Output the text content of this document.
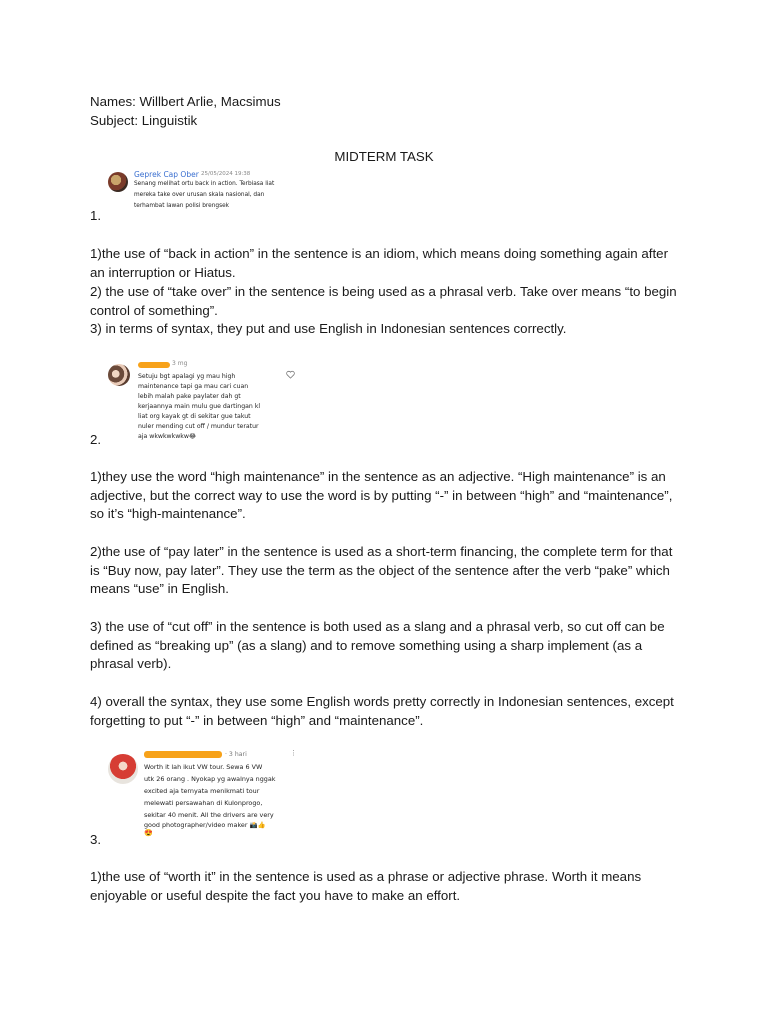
Names: Willbert Arlie, Macsimus
Subject: Linguistik
MIDTERM TASK
Geprek Cap Ober 25/05/2024 19:38
Senang melihat ortu back in action. Terbiasa liat
mereka take over urusan skala nasional, dan
terhambat lawan polisi brengsek
1.
1)the use of “back in action” in the sentence is an idiom, which means doing something again after an interruption or Hiatus.
2) the use of “take over” in the sentence is being used as a phrasal verb. Take over means “to begin control of something”.
3) in terms of syntax, they put and use English in Indonesian sentences correctly.
3 mg
Setuju bgt apalagi yg mau high
maintenance tapi ga mau cari cuan
lebih malah pake paylater dah gt
kerjaannya main mulu gue dartingan kl
liat org kayak gt di sekitar gue takut
nuler mending cut off / mundur teratur
aja wkwkwkwkw😂
2.
1)they use the word “high maintenance” in the sentence as an adjective. “High maintenance” is an adjective, but the correct way to use the word is by putting “-” in between “high” and “maintenance”, so it’s “high-maintenance”.
2)the use of “pay later” in the sentence is used as a short-term financing, the complete term for that is “Buy now, pay later”. They use the term as the object of the sentence after the verb “pake” which means “use” in English.
3) the use of “cut off” in the sentence is both used as a slang and a phrasal verb, so cut off can be defined as “breaking up” (as a slang) and to remove something using a sharp implement (as a phrasal verb).
4) overall the syntax, they use some English words pretty correctly in Indonesian sentences, except forgetting to put “-” in between “high” and “maintenance”.
· 3 hari	⋮
Worth it lah ikut VW tour. Sewa 6 VW
utk 26 orang . Nyokap yg awalnya nggak
excited aja ternyata menikmati tour
melewati persawahan di Kulonprogo,
sekitar 40 menit. All the drivers are very
good photographer/video maker 📸👍
😍
3.
1)the use of “worth it” in the sentence is used as a phrase or adjective phrase. Worth it means enjoyable or useful despite the fact you have to make an effort.
